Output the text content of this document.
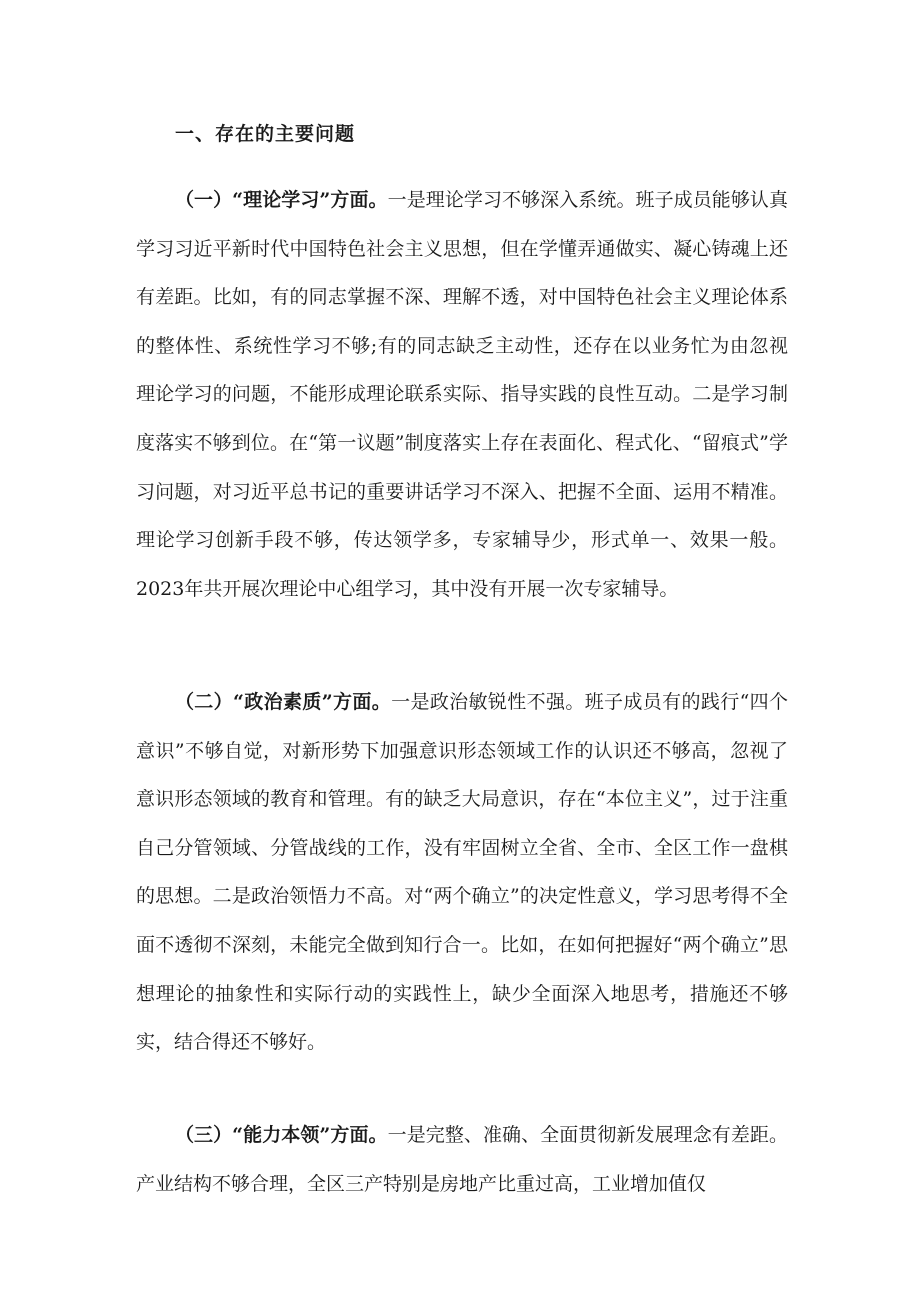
一、存在的主要问题

（一）“理论学习”方面。一是理论学习不够深入系统。班子成员能够认真学习习近平新时代中国特色社会主义思想，但在学懂弄通做实、凝心铸魂上还有差距。比如，有的同志掌握不深、理解不透，对中国特色社会主义理论体系的整体性、系统性学习不够;有的同志缺乏主动性，还存在以业务忙为由忽视理论学习的问题，不能形成理论联系实际、指导实践的良性互动。二是学习制度落实不够到位。在“第一议题”制度落实上存在表面化、程式化、“留痕式”学习问题，对习近平总书记的重要讲话学习不深入、把握不全面、运用不精准。理论学习创新手段不够，传达领学多，专家辅导少，形式单一、效果一般。2023年共开展次理论中心组学习，其中没有开展一次专家辅导。

（二）“政治素质”方面。一是政治敏锐性不强。班子成员有的践行“四个意识”不够自觉，对新形势下加强意识形态领域工作的认识还不够高，忽视了意识形态领域的教育和管理。有的缺乏大局意识，存在“本位主义”，过于注重自己分管领域、分管战线的工作，没有牢固树立全省、全市、全区工作一盘棋的思想。二是政治领悟力不高。对“两个确立”的决定性意义，学习思考得不全面不透彻不深刻，未能完全做到知行合一。比如，在如何把握好“两个确立”思想理论的抽象性和实际行动的实践性上，缺少全面深入地思考，措施还不够实，结合得还不够好。

（三）“能力本领”方面。一是完整、准确、全面贯彻新发展理念有差距。产业结构不够合理，全区三产特别是房地产比重过高，工业增加值仅
